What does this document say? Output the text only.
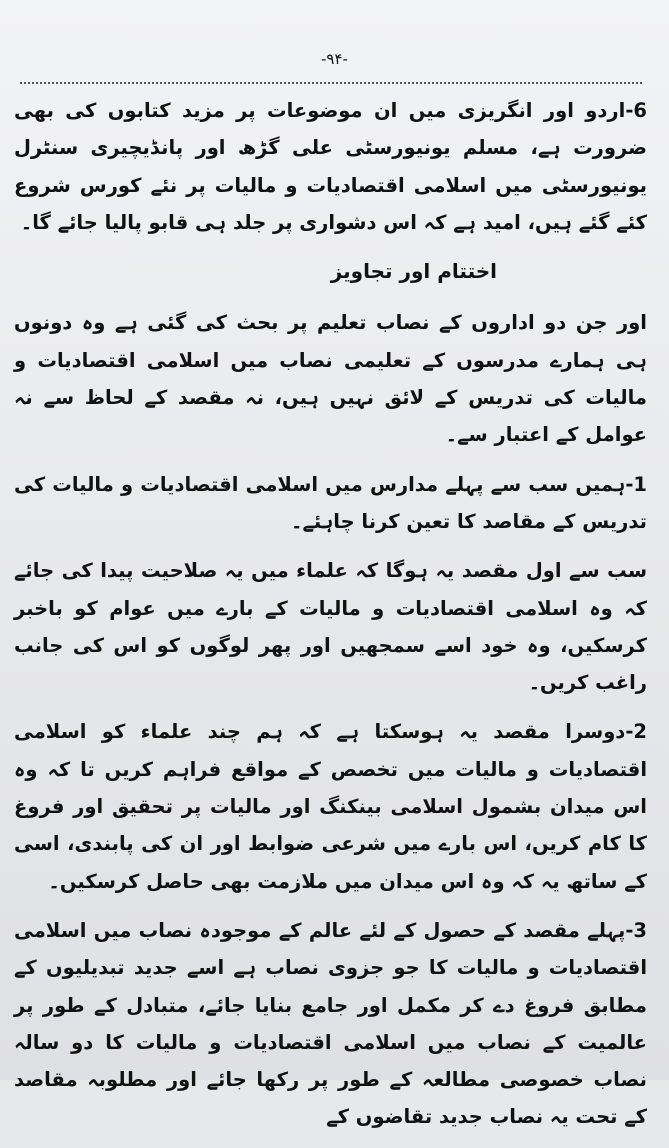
-۹۴-

6-اردو اور انگریزی میں ان موضوعات پر مزید کتابوں کی بھی ضرورت ہے، مسلم یونیورسٹی علی گڑھ اور پانڈیچیری سنٹرل یونیورسٹی میں اسلامی اقتصادیات و مالیات پر نئے کورس شروع کئے گئے ہیں، امید ہے کہ اس دشواری پر جلد ہی قابو پالیا جائے گا۔

اختتام اور تجاویز

اور جن دو اداروں کے نصاب تعلیم پر بحث کی گئی ہے وہ دونوں ہی ہمارے مدرسوں کے تعلیمی نصاب میں اسلامی اقتصادیات و مالیات کی تدریس کے لائق نہیں ہیں، نہ مقصد کے لحاظ سے نہ عوامل کے اعتبار سے۔

1-ہمیں سب سے پہلے مدارس میں اسلامی اقتصادیات و مالیات کی تدریس کے مقاصد کا تعین کرنا چاہئے۔

سب سے اول مقصد یہ ہوگا کہ علماء میں یہ صلاحیت پیدا کی جائے کہ وہ اسلامی اقتصادیات و مالیات کے بارے میں عوام کو باخبر کرسکیں، وہ خود اسے سمجھیں اور پھر لوگوں کو اس کی جانب راغب کریں۔

2-دوسرا مقصد یہ ہوسکتا ہے کہ ہم چند علماء کو اسلامی اقتصادیات و مالیات میں تخصص کے مواقع فراہم کریں تا کہ وہ اس میدان بشمول اسلامی بینکنگ اور مالیات پر تحقیق اور فروغ کا کام کریں، اس بارے میں شرعی ضوابط اور ان کی پابندی، اسی کے ساتھ یہ کہ وہ اس میدان میں ملازمت بھی حاصل کرسکیں۔

3-پہلے مقصد کے حصول کے لئے عالم کے موجودہ نصاب میں اسلامی اقتصادیات و مالیات کا جو جزوی نصاب ہے اسے جدید تبدیلیوں کے مطابق فروغ دے کر مکمل اور جامع بنایا جائے، متبادل کے طور پر عالمیت کے نصاب میں اسلامی اقتصادیات و مالیات کا دو سالہ نصاب خصوصی مطالعہ کے طور پر رکھا جائے اور مطلوبہ مقاصد کے تحت یہ نصاب جدید تقاضوں کے
